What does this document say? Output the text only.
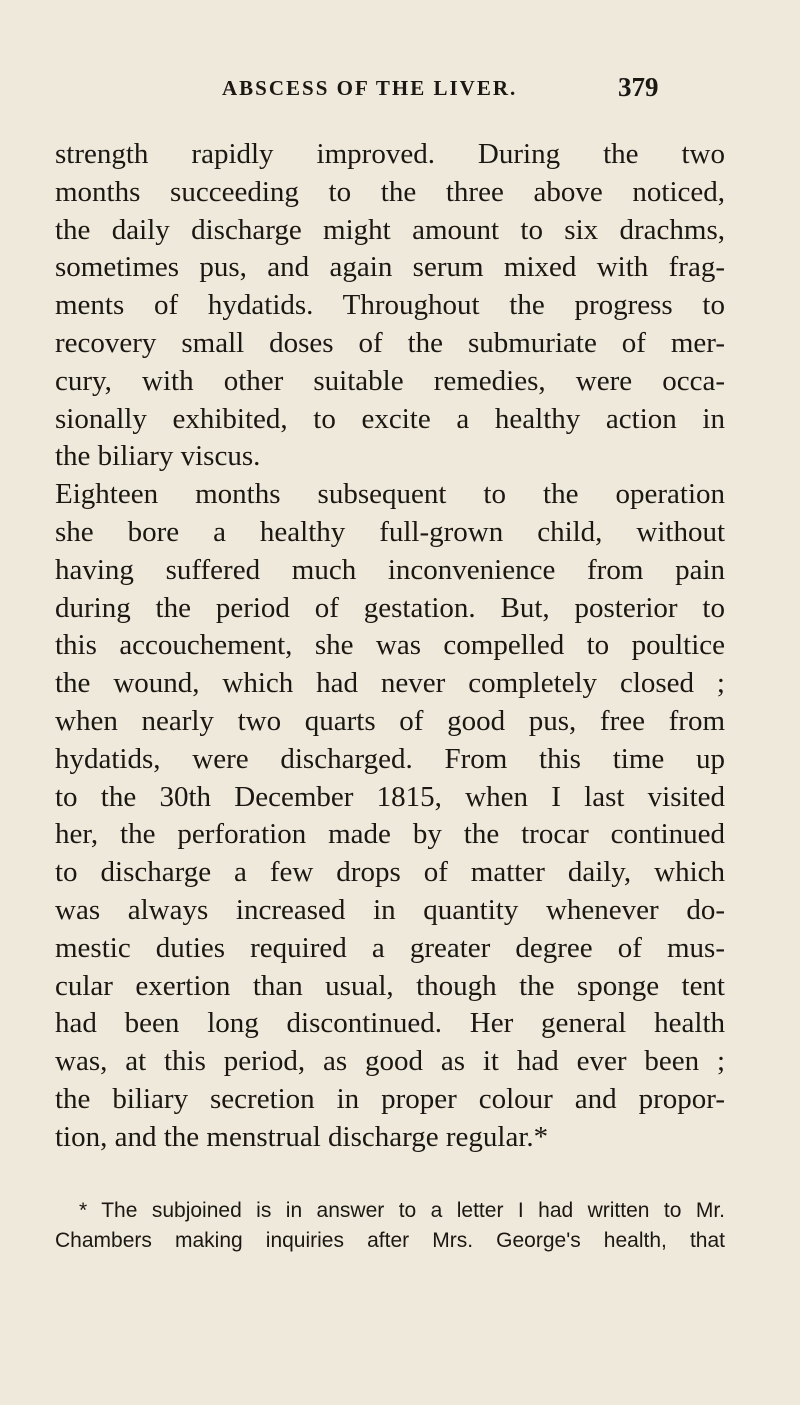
ABSCESS OF THE LIVER.	379
strength rapidly improved. During the two
months succeeding to the three above noticed,
the daily discharge might amount to six drachms,
sometimes pus, and again serum mixed with frag-
ments of hydatids. Throughout the progress to
recovery small doses of the submuriate of mer-
cury, with other suitable remedies, were occa-
sionally exhibited, to excite a healthy action in
the biliary viscus.
Eighteen months subsequent to the operation
she bore a healthy full-grown child, without
having suffered much inconvenience from pain
during the period of gestation. But, posterior to
this accouchement, she was compelled to poultice
the wound, which had never completely closed ;
when nearly two quarts of good pus, free from
hydatids, were discharged. From this time up
to the 30th December 1815, when I last visited
her, the perforation made by the trocar continued
to discharge a few drops of matter daily, which
was always increased in quantity whenever do-
mestic duties required a greater degree of mus-
cular exertion than usual, though the sponge tent
had been long discontinued. Her general health
was, at this period, as good as it had ever been ;
the biliary secretion in proper colour and propor-
tion, and the menstrual discharge regular.*
* The subjoined is in answer to a letter I had written to Mr.
Chambers making inquiries after Mrs. George's health, that
